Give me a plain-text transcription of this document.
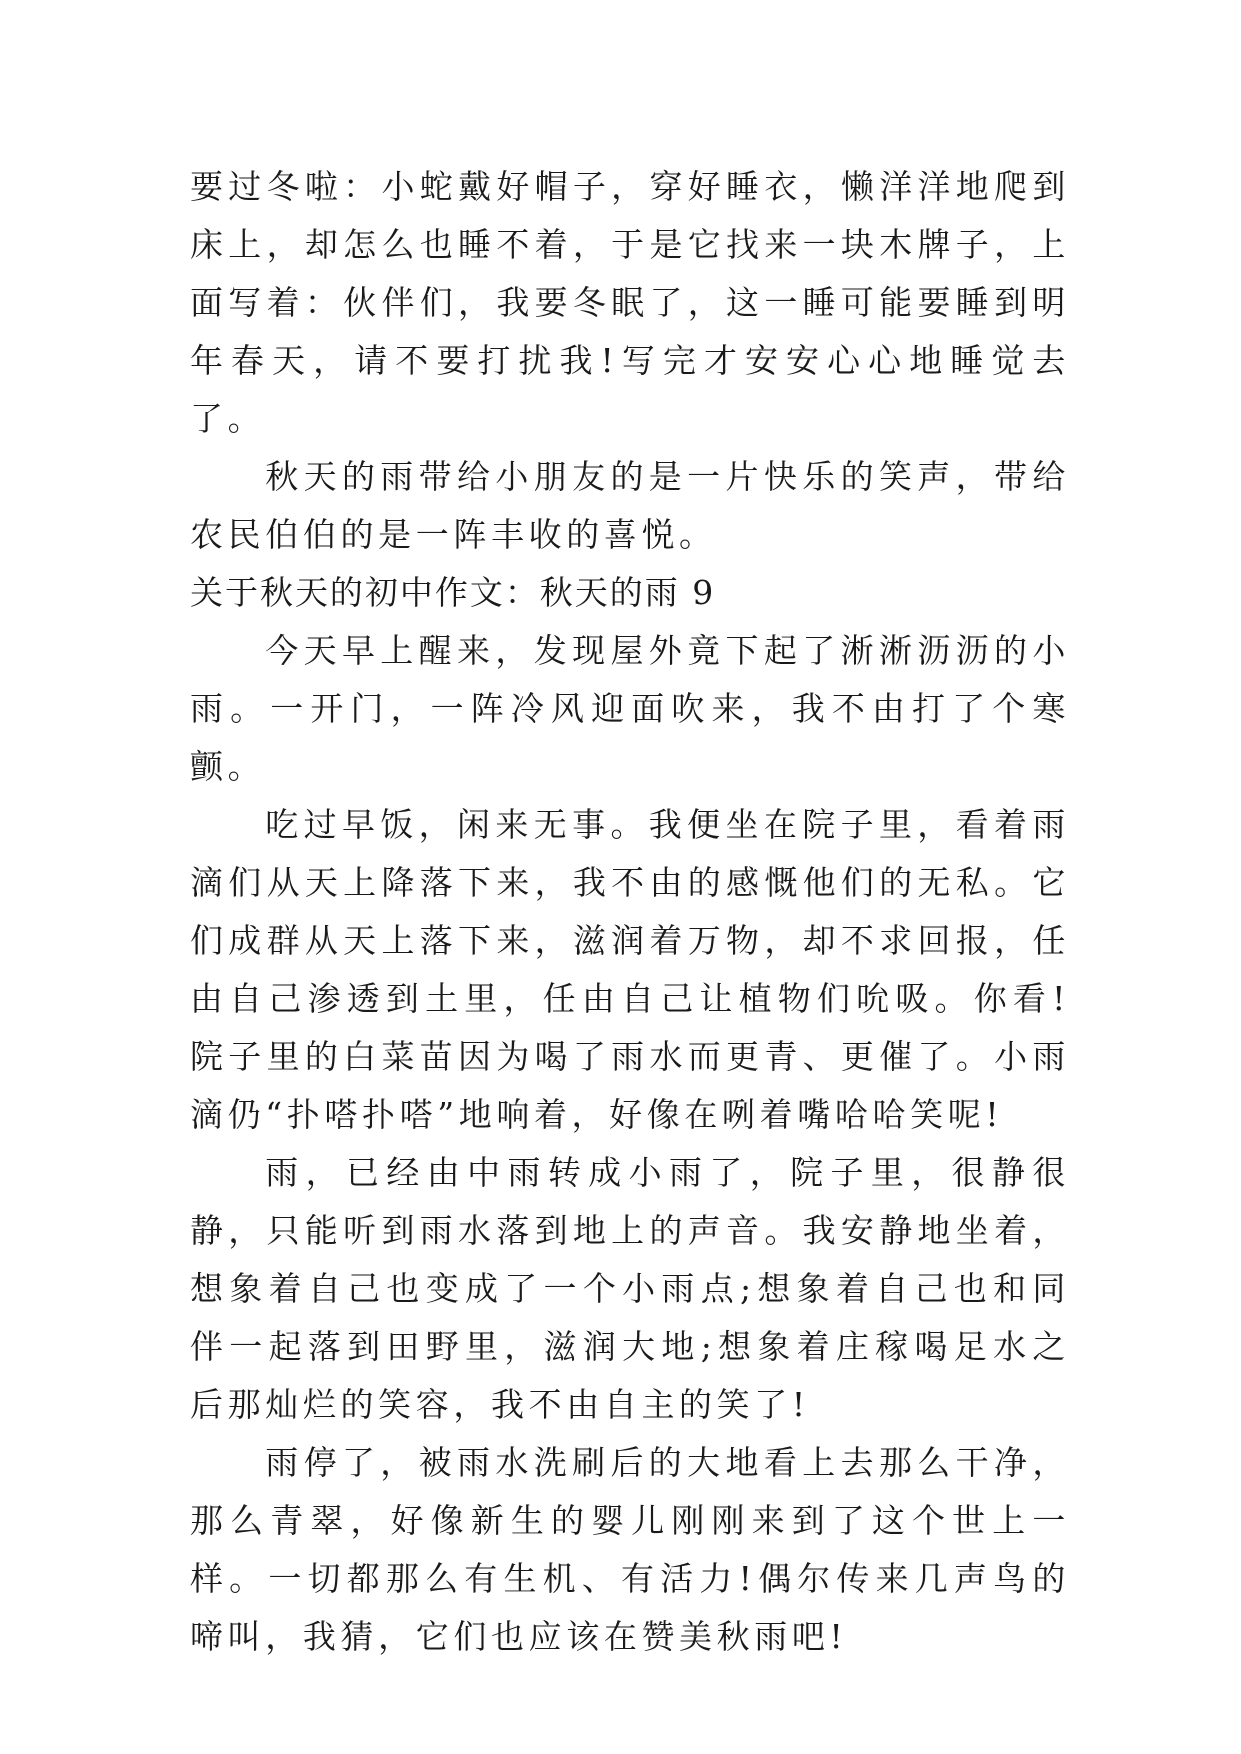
要过冬啦：小蛇戴好帽子，穿好睡衣，懒洋洋地爬到床上，却怎么也睡不着，于是它找来一块木牌子，上面写着：伙伴们，我要冬眠了，这一睡可能要睡到明年春天，请不要打扰我!写完才安安心心地睡觉去了。

秋天的雨带给小朋友的是一片快乐的笑声，带给农民伯伯的是一阵丰收的喜悦。

关于秋天的初中作文：秋天的雨 9

今天早上醒来，发现屋外竟下起了淅淅沥沥的小雨。一开门，一阵冷风迎面吹来，我不由打了个寒颤。

吃过早饭，闲来无事。我便坐在院子里，看着雨滴们从天上降落下来，我不由的感慨他们的无私。它们成群从天上落下来，滋润着万物，却不求回报，任由自己渗透到土里，任由自己让植物们吮吸。你看!院子里的白菜苗因为喝了雨水而更青、更催了。小雨滴仍“扑嗒扑嗒”地响着，好像在咧着嘴哈哈笑呢!

雨，已经由中雨转成小雨了，院子里，很静很静，只能听到雨水落到地上的声音。我安静地坐着，想象着自己也变成了一个小雨点;想象着自己也和同伴一起落到田野里，滋润大地;想象着庄稼喝足水之后那灿烂的笑容，我不由自主的笑了!

雨停了，被雨水洗刷后的大地看上去那么干净，那么青翠，好像新生的婴儿刚刚来到了这个世上一样。一切都那么有生机、有活力!偶尔传来几声鸟的啼叫，我猜，它们也应该在赞美秋雨吧!
